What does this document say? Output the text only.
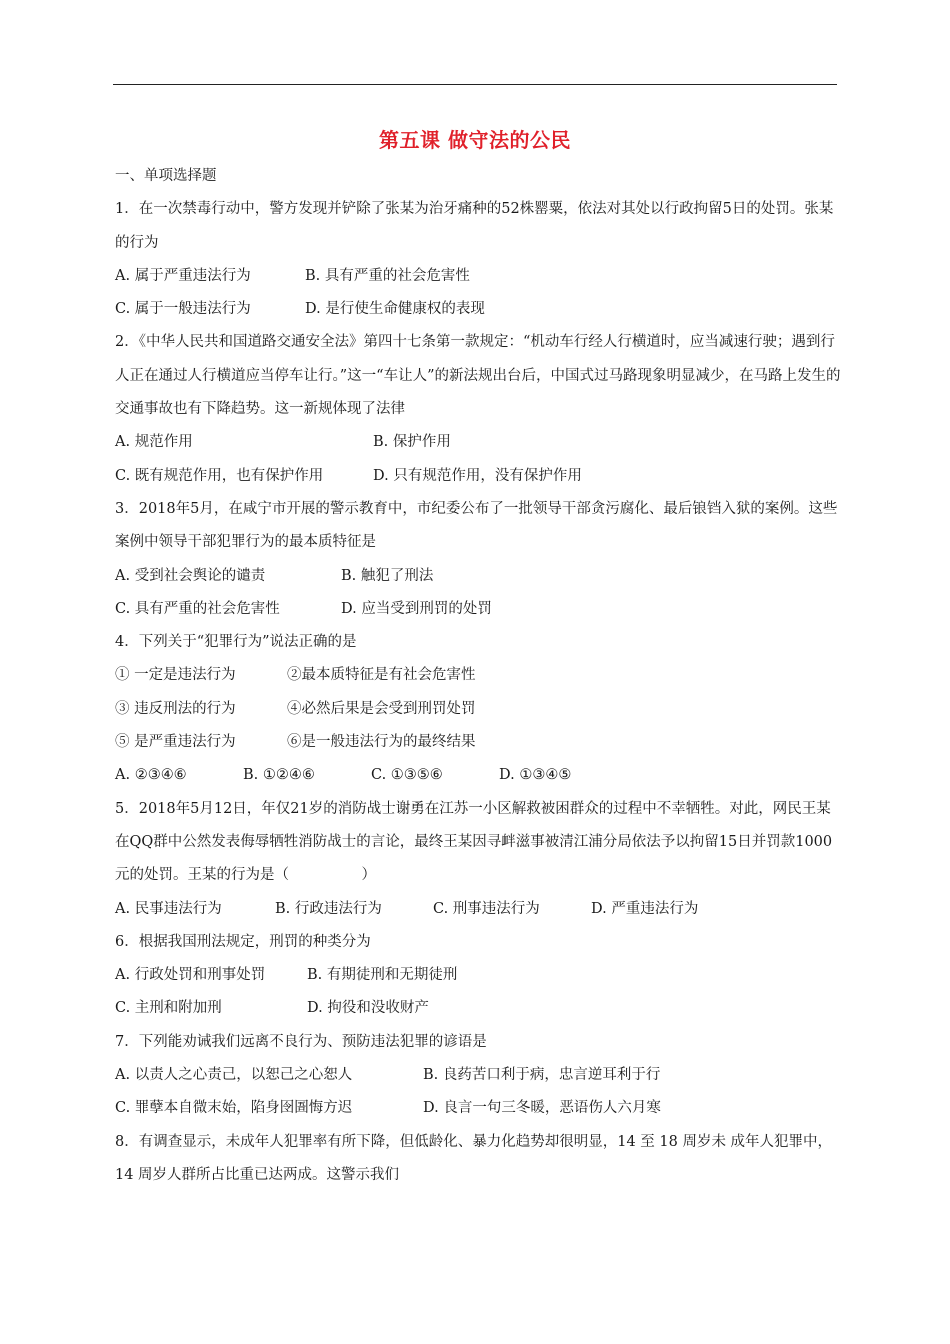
第五课 做守法的公民
一、单项选择题
1．在一次禁毒行动中，警方发现并铲除了张某为治牙痛种的52株罂粟，依法对其处以行政拘留5日的处罚。张某的行为
A. 属于严重违法行为	B. 具有严重的社会危害性
C. 属于一般违法行为	D. 是行使生命健康权的表现
2．《中华人民共和国道路交通安全法》第四十七条第一款规定：“机动车行经人行横道时，应当减速行驶；遇到行人正在通过人行横道应当停车让行。”这一“车让人”的新法规出台后，中国式过马路现象明显减少，在马路上发生的交通事故也有下降趋势。这一新规体现了法律
A. 规范作用	B. 保护作用
C. 既有规范作用，也有保护作用	D. 只有规范作用，没有保护作用
3．2018年5月，在咸宁市开展的警示教育中，市纪委公布了一批领导干部贪污腐化、最后锒铛入狱的案例。这些案例中领导干部犯罪行为的最本质特征是
A. 受到社会舆论的谴责	B. 触犯了刑法
C. 具有严重的社会危害性	D. 应当受到刑罚的处罚
4．下列关于“犯罪行为”说法正确的是
① 一定是违法行为	②最本质特征是有社会危害性
③ 违反刑法的行为	④必然后果是会受到刑罚处罚
⑤ 是严重违法行为	⑥是一般违法行为的最终结果
A. ②③④⑥	B. ①②④⑥	C. ①③⑤⑥	D. ①③④⑤
5．2018年5月12日，年仅21岁的消防战士谢勇在江苏一小区解救被困群众的过程中不幸牺牲。对此，网民王某在QQ群中公然发表侮辱牺牲消防战士的言论，最终王某因寻衅滋事被清江浦分局依法予以拘留15日并罚款1000元的处罚。王某的行为是（　　　　　）
A. 民事违法行为	B. 行政违法行为	C. 刑事违法行为	D. 严重违法行为
6．根据我国刑法规定，刑罚的种类分为
A. 行政处罚和刑事处罚	B. 有期徒刑和无期徒刑
C. 主刑和附加刑	D. 拘役和没收财产
7．下列能劝诫我们远离不良行为、预防违法犯罪的谚语是
A. 以责人之心责己，以恕己之心恕人	B. 良药苦口利于病，忠言逆耳利于行
C. 罪孽本自微末始，陷身囹圄悔方迟	D. 良言一句三冬暖，恶语伤人六月寒
8．有调查显示，未成年人犯罪率有所下降，但低龄化、暴力化趋势却很明显，14 至 18 周岁未 成年人犯罪中，14 周岁人群所占比重已达两成。这警示我们
